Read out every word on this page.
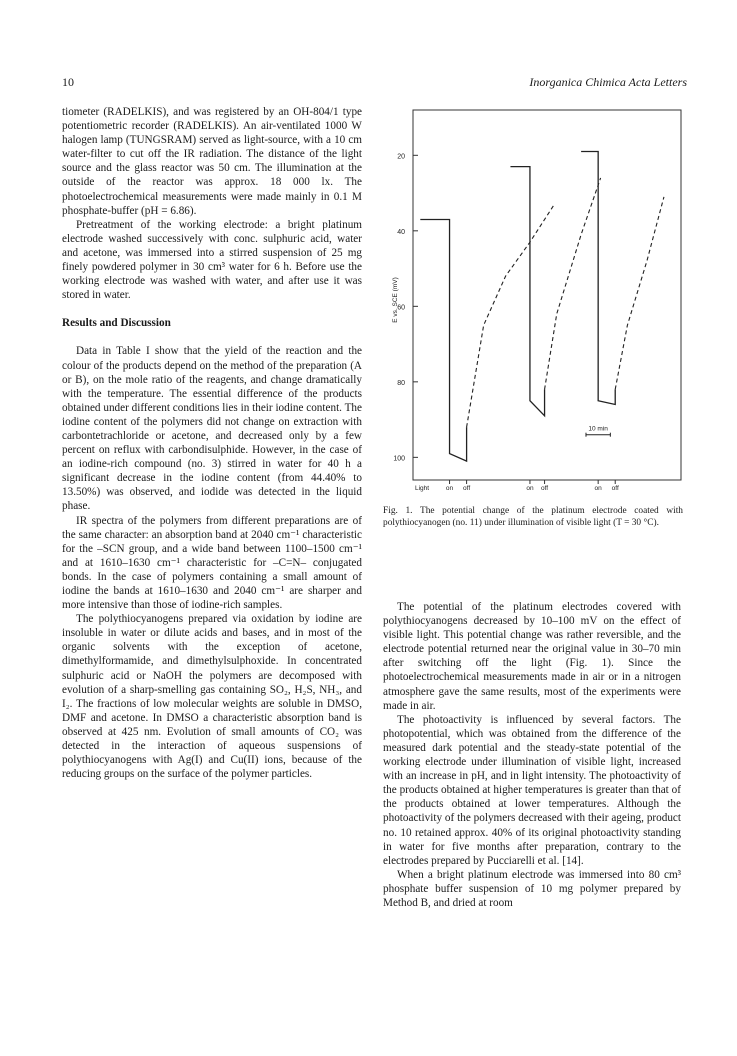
10	Inorganica Chimica Acta Letters

tiometer (RADELKIS), and was registered by an OH-804/1 type potentiometric recorder (RADELKIS). An air-ventilated 1000 W halogen lamp (TUNGSRAM) served as light-source, with a 10 cm water-filter to cut off the IR radiation. The distance of the light source and the glass reactor was 50 cm. The illumination at the outside of the reactor was approx. 18 000 lx. The photoelectrochemical measurements were made mainly in 0.1 M phosphate-buffer (pH = 6.86).

Pretreatment of the working electrode: a bright platinum electrode washed successively with conc. sulphuric acid, water and acetone, was immersed into a stirred suspension of 25 mg finely powdered polymer in 30 cm³ water for 6 h. Before use the working electrode was washed with water, and after use it was stored in water.

Results and Discussion

Data in Table I show that the yield of the reaction and the colour of the products depend on the method of the preparation (A or B), on the mole ratio of the reagents, and change dramatically with the temperature. The essential difference of the products obtained under different conditions lies in their iodine content. The iodine content of the polymers did not change on extraction with carbontetrachloride or acetone, and decreased only by a few percent on reflux with carbondisulphide. However, in the case of an iodine-rich compound (no. 3) stirred in water for 40 h a significant decrease in the iodine content (from 44.40% to 13.50%) was observed, and iodide was detected in the liquid phase.

IR spectra of the polymers from different preparations are of the same character: an absorption band at 2040 cm⁻¹ characteristic for the –SCN group, and a wide band between 1100–1500 cm⁻¹ and at 1610–1630 cm⁻¹ characteristic for –C=N– conjugated bonds. In the case of polymers containing a small amount of iodine the bands at 1610–1630 and 2040 cm⁻¹ are sharper and more intensive than those of iodine-rich samples.

The polythiocyanogens prepared via oxidation by iodine are insoluble in water or dilute acids and bases, and in most of the organic solvents with the exception of acetone, dimethylformamide, and dimethylsulphoxide. In concentrated sulphuric acid or NaOH the polymers are decomposed with evolution of a sharp-smelling gas containing SO₂, H₂S, NH₃, and I₂. The fractions of low molecular weights are soluble in DMSO, DMF and acetone. In DMSO a characteristic absorption band is observed at 425 nm. Evolution of small amounts of CO₂ was detected in the interaction of aqueous suspensions of polythiocyanogens with Ag(I) and Cu(II) ions, because of the reducing groups on the surface of the polymer particles.

100
80
60
40
20
E vs. SCE (mV)
Light	on off	on off	on off
10 min
Fig. 1. The potential change of the platinum electrode coated with polythiocyanogen (no. 11) under illumination of visible light (T = 30 °C).

The potential of the platinum electrodes covered with polythiocyanogens decreased by 10–100 mV on the effect of visible light. This potential change was rather reversible, and the electrode potential returned near the original value in 30–70 min after switching off the light (Fig. 1). Since the photoelectrochemical measurements made in air or in a nitrogen atmosphere gave the same results, most of the experiments were made in air.

The photoactivity is influenced by several factors. The photopotential, which was obtained from the difference of the measured dark potential and the steady-state potential of the working electrode under illumination of visible light, increased with an increase in pH, and in light intensity. The photoactivity of the products obtained at higher temperatures is greater than that of the products obtained at lower temperatures. Although the photoactivity of the polymers decreased with their ageing, product no. 10 retained approx. 40% of its original photoactivity standing in water for five months after preparation, contrary to the electrodes prepared by Pucciarelli et al. [14].

When a bright platinum electrode was immersed into 80 cm³ phosphate buffer suspension of 10 mg polymer prepared by Method B, and dried at room
